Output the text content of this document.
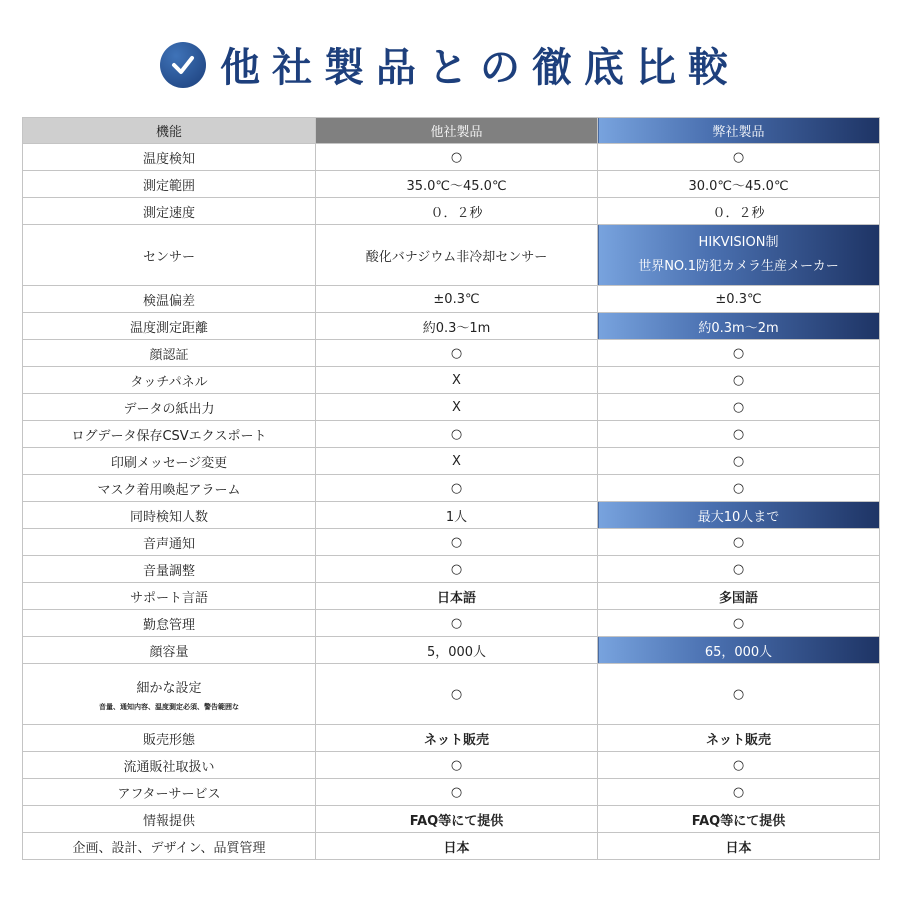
他社製品との徹底比較
機能	他社製品	弊社製品
温度検知	○	○
測定範囲	35.0℃～45.0℃	30.0℃～45.0℃
測定速度	０．２秒	０．２秒
センサー	酸化バナジウム非冷却センサー	HIKVISION制
世界NO.1防犯カメラ生産メーカー
検温偏差	±0.3℃	±0.3℃
温度測定距離	約0.3～1m	約0.3m～2m
顔認証	○	○
タッチパネル	X	○
データの紙出力	X	○
ログデータ保存CSVエクスポート	○	○
印刷メッセージ変更	X	○
マスク着用喚起アラーム	○	○
同時検知人数	1人	最大10人まで
音声通知	○	○
音量調整	○	○
サポート言語	日本語	多国語
勤怠管理	○	○
顔容量	5，000人	65，000人
細かな設定
音量、通知内容、温度測定必須、警告範囲な	○	○
販売形態	ネット販売	ネット販売
流通販社取扱い	○	○
アフターサービス	○	○
情報提供	FAQ等にて提供	FAQ等にて提供
企画、設計、デザイン、品質管理	日本	日本
